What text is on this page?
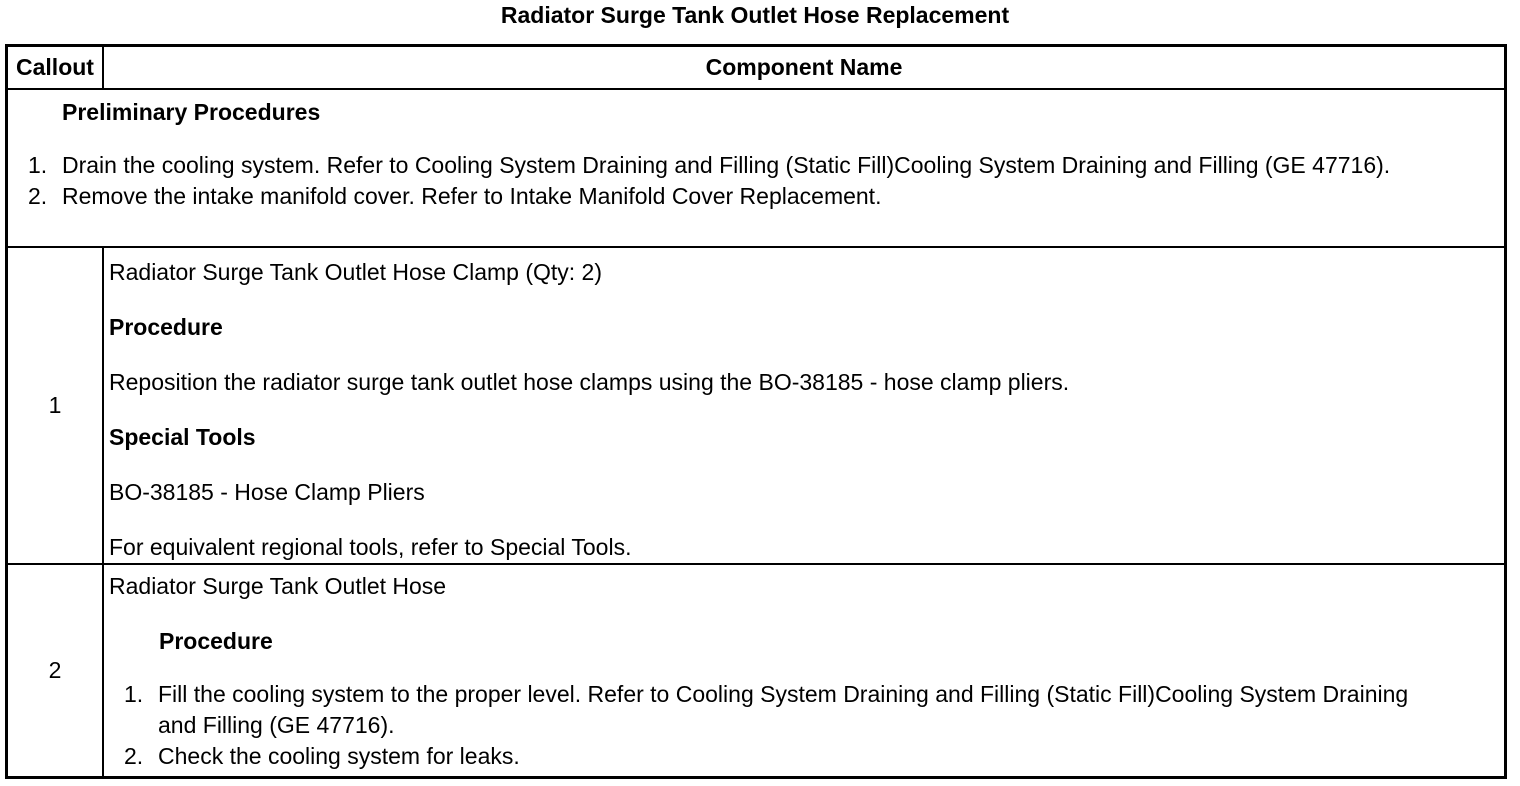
Radiator Surge Tank Outlet Hose Replacement
Callout	Component Name
Preliminary Procedures
1. Drain the cooling system. Refer to Cooling System Draining and Filling (Static Fill)Cooling System Draining and Filling (GE 47716).
2. Remove the intake manifold cover. Refer to Intake Manifold Cover Replacement.
1
Radiator Surge Tank Outlet Hose Clamp (Qty: 2)
Procedure
Reposition the radiator surge tank outlet hose clamps using the BO-38185 - hose clamp pliers.
Special Tools
BO-38185 - Hose Clamp Pliers
For equivalent regional tools, refer to Special Tools.
2
Radiator Surge Tank Outlet Hose
Procedure
1. Fill the cooling system to the proper level. Refer to Cooling System Draining and Filling (Static Fill)Cooling System Draining and Filling (GE 47716).
2. Check the cooling system for leaks.
